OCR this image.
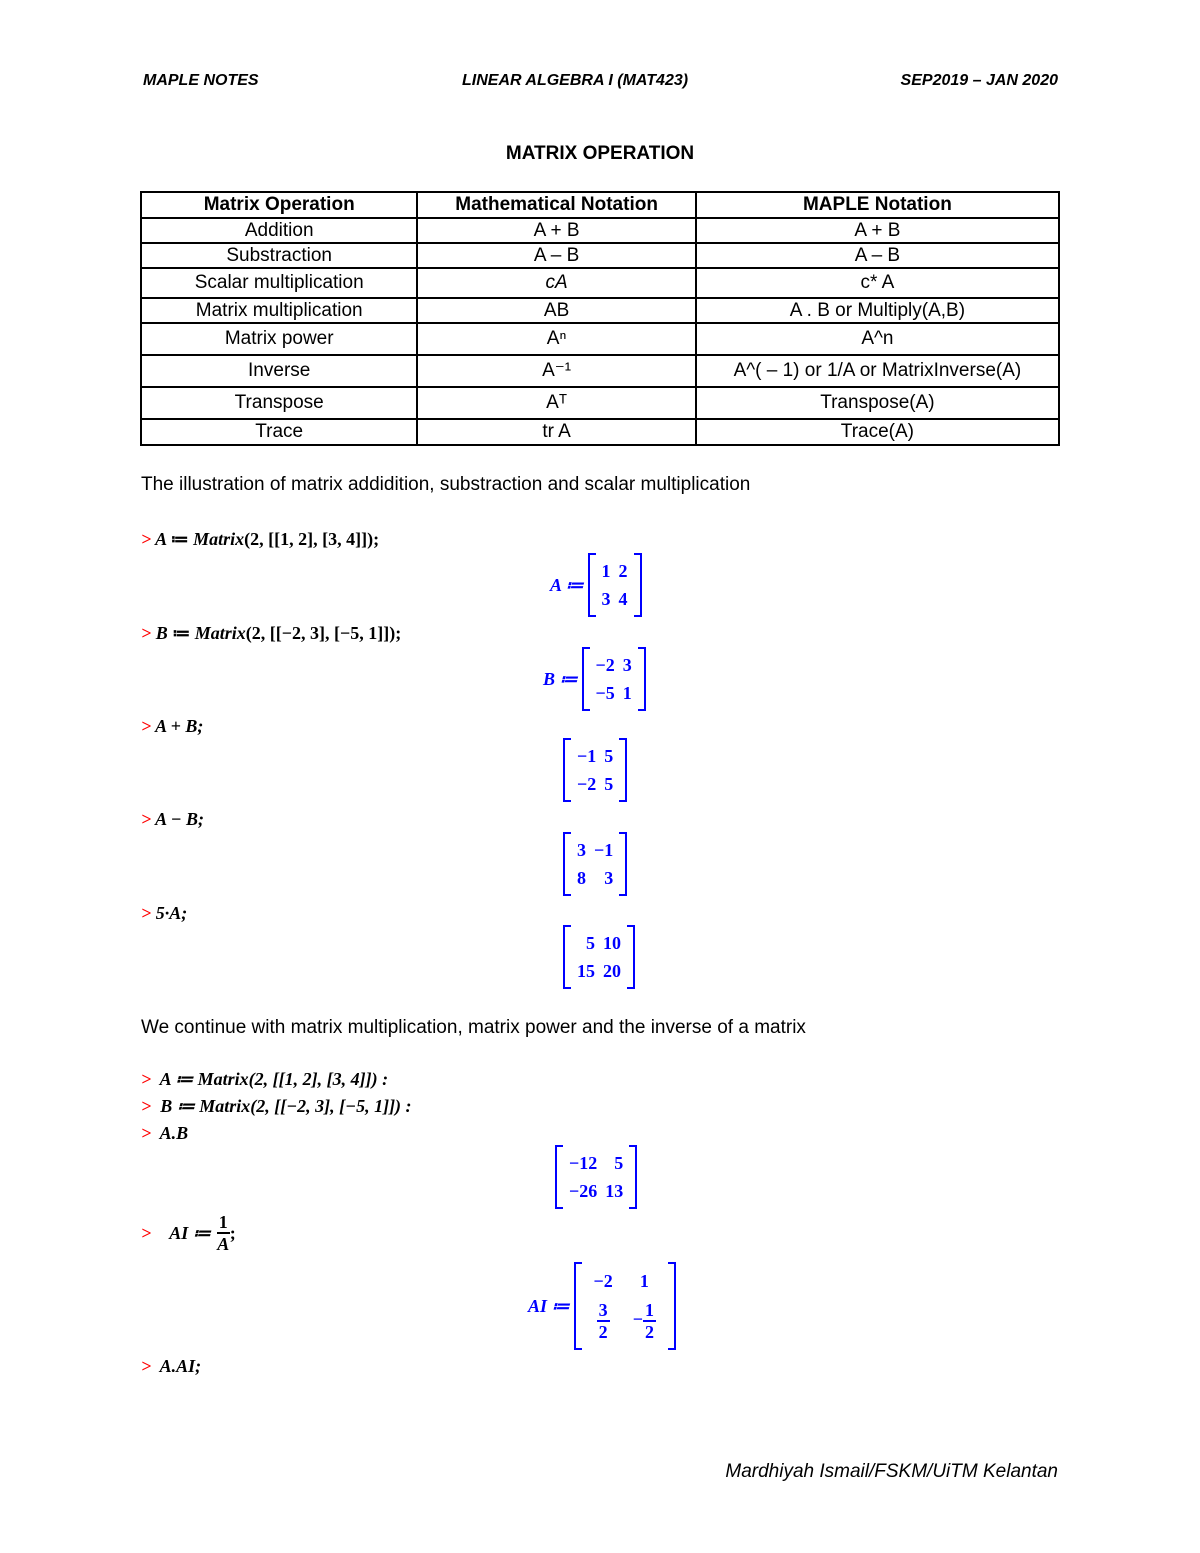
MAPLE NOTES	LINEAR ALGEBRA I (MAT423)	SEP2019 – JAN 2020
MATRIX OPERATION
Matrix Operation	Mathematical Notation	MAPLE Notation
Addition	A + B	A + B
Substraction	A – B	A – B
Scalar multiplication	cA	c* A
Matrix multiplication	AB	A . B or Multiply(A,B)
Matrix power	Aⁿ	A^n
Inverse	A⁻¹	A^( – 1) or 1/A or MatrixInverse(A)
Transpose	Aᵀ	Transpose(A)
Trace	tr A	Trace(A)
The illustration of matrix addidition, substraction and scalar multiplication
> A ≔ Matrix(2, [[1, 2], [3, 4]]);
A ≔
1	2
3	4
> B ≔ Matrix(2, [[−2, 3], [−5, 1]]);
B ≔
−2	3
−5	1
> A + B;
−1	5
−2	5
> A − B;
3	−1
8	3
> 5·A;
5	10
15	20
We continue with matrix multiplication, matrix power and the inverse of a matrix
> A ≔ Matrix(2, [[1, 2], [3, 4]]) :
> B ≔ Matrix(2, [[−2, 3], [−5, 1]]) :
> A.B
−12	5
−26	13
> AI ≔ $\frac{1}{A}$ ;
AI ≔
−2	1

$\frac{3}{2}$	− $\frac{1}{2}$
> A.AI;
Mardhiyah Ismail/FSKM/UiTM Kelantan
